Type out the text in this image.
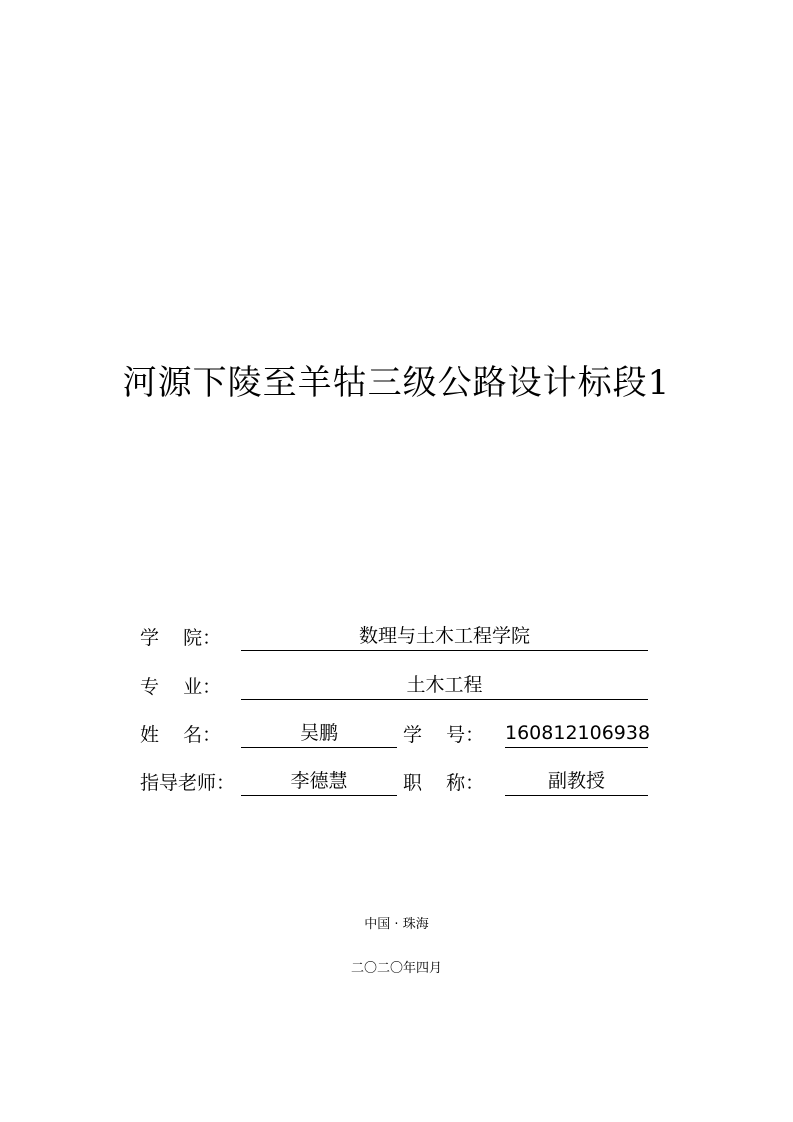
河源下陵至羊牯三级公路设计标段1
学    院：	数理与土木工程学院
专    业：	土木工程
姓    名：	吴鹏	学    号： 160812106938
指导老师：	李德慧	职    称：	副教授
中国 · 珠海
二〇二〇年四月
